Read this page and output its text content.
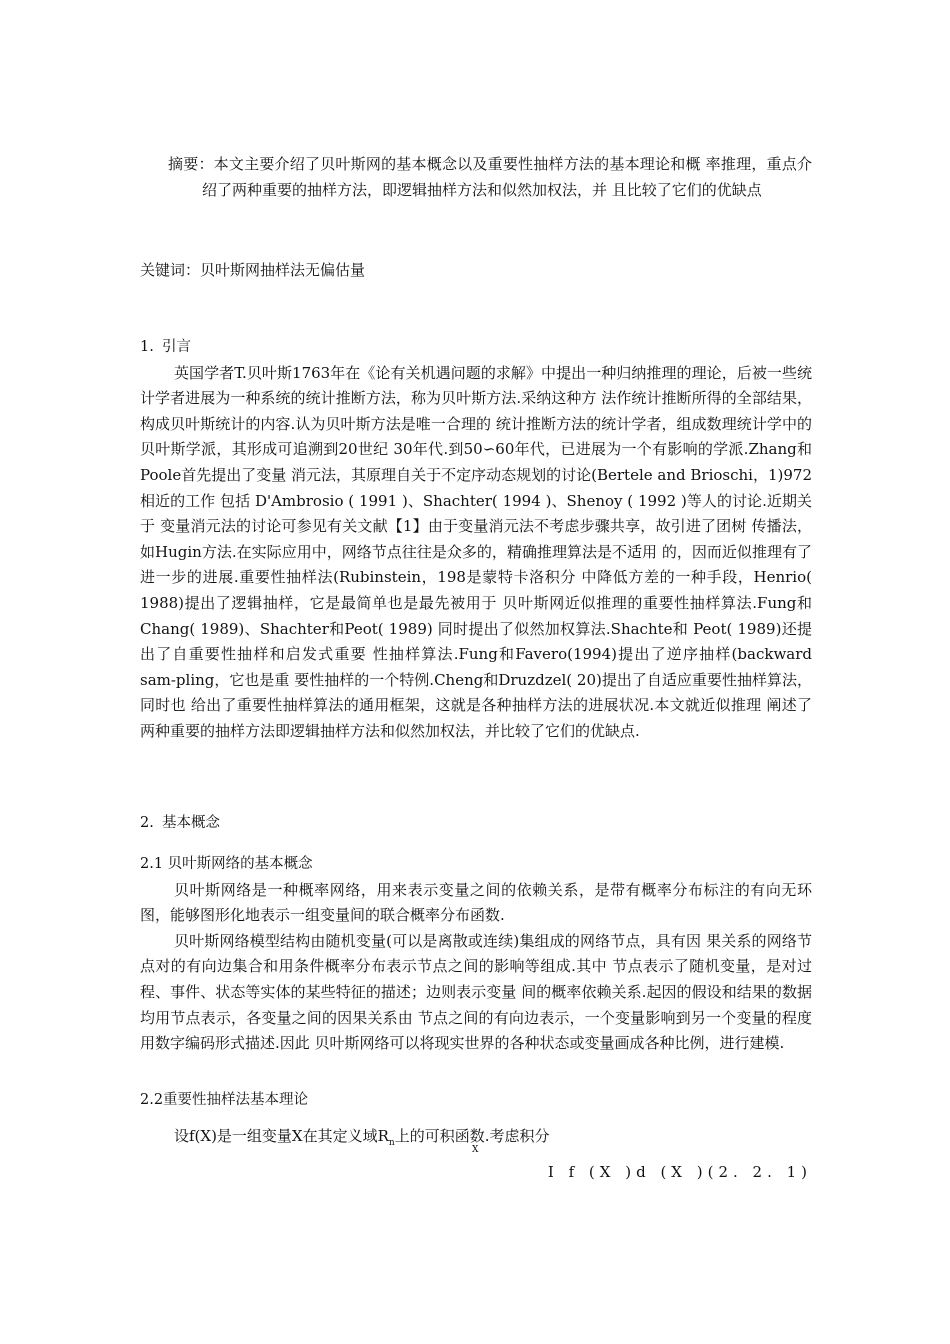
摘要：本文主要介绍了贝叶斯网的基本概念以及重要性抽样方法的基本理论和概 率推理，重点介绍了两种重要的抽样方法，即逻辑抽样方法和似然加权法，并 且比较了它们的优缺点

关键词：贝叶斯网抽样法无偏估量

1. 引言

英国学者T.贝叶斯1763年在《论有关机遇问题的求解》中提出一种归纳推理的理论，后被一些统计学者进展为一种系统的统计推断方法，称为贝叶斯方法.采纳这种方 法作统计推断所得的全部结果，构成贝叶斯统计的内容.认为贝叶斯方法是唯一合理的 统计推断方法的统计学者，组成数理统计学中的贝叶斯学派，其形成可追溯到20世纪 30年代.到50∽60年代，已进展为一个有影响的学派.Zhang和Poole首先提出了变量 消元法，其原理自关于不定序动态规划的讨论(Bertele and Brioschi，1)972相近的工作 包括 D'Ambrosio ( 1991 )、Shachter( 1994 )、Shenoy ( 1992 )等人的讨论.近期关于 变量消元法的讨论可参见有关文献【1】由于变量消元法不考虑步骤共享，故引进了团树 传播法，如Hugin方法.在实际应用中，网络节点往往是众多的，精确推理算法是不适用 的，因而近似推理有了进一步的进展.重要性抽样法(Rubinstein，198是蒙特卡洛积分 中降低方差的一种手段，Henrio( 1988)提出了逻辑抽样，它是最简单也是最先被用于 贝叶斯网近似推理的重要性抽样算法.Fung和Chang( 1989)、Shachter和Peot( 1989) 同时提出了似然加权算法.Shachte和 Peot( 1989)还提出了自重要性抽样和启发式重要 性抽样算法.Fung和Favero(1994)提出了逆序抽样(backward sam-pling，它也是重 要性抽样的一个特例.Cheng和Druzdzel( 20)提出了自适应重要性抽样算法，同时也 给出了重要性抽样算法的通用框架，这就是各种抽样方法的进展状况.本文就近似推理 阐述了两种重要的抽样方法即逻辑抽样方法和似然加权法，并比较了它们的优缺点.

2. 基本概念

2.1 贝叶斯网络的基本概念

贝叶斯网络是一种概率网络，用来表示变量之间的依赖关系，是带有概率分布标注的有向无环图，能够图形化地表示一组变量间的联合概率分布函数.

贝叶斯网络模型结构由随机变量(可以是离散或连续)集组成的网络节点，具有因 果关系的网络节点对的有向边集合和用条件概率分布表示节点之间的影响等组成.其中 节点表示了随机变量，是对过程、事件、状态等实体的某些特征的描述；边则表示变量 间的概率依赖关系.起因的假设和结果的数据均用节点表示，各变量之间的因果关系由 节点之间的有向边表示，一个变量影响到另一个变量的程度用数字编码形式描述.因此 贝叶斯网络可以将现实世界的各种状态或变量画成各种比例，进行建模.

2.2重要性抽样法基本理论

设f(X)是一组变量X在其定义域$R_n$上的可积函数.考虑积分

X
I f (X )d (X )(2. 2. 1)
